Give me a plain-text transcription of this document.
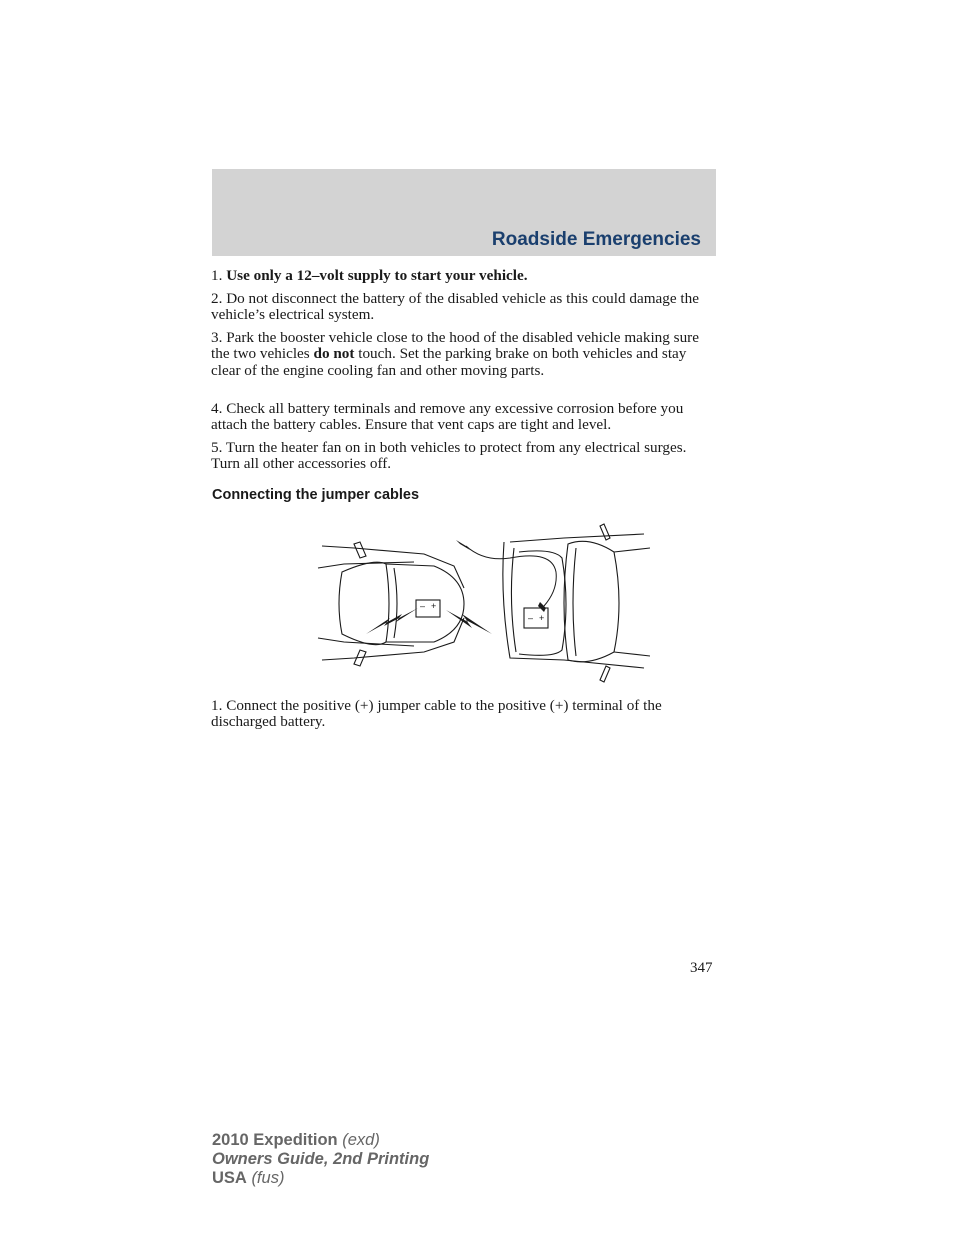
Roadside Emergencies

1. Use only a 12–volt supply to start your vehicle.

2. Do not disconnect the battery of the disabled vehicle as this could damage the vehicle’s electrical system.

3. Park the booster vehicle close to the hood of the disabled vehicle making sure the two vehicles do not touch. Set the parking brake on both vehicles and stay clear of the engine cooling fan and other moving parts.

4. Check all battery terminals and remove any excessive corrosion before you attach the battery cables. Ensure that vent caps are tight and level.

5. Turn the heater fan on in both vehicles to protect from any electrical surges. Turn all other accessories off.

Connecting the jumper cables
– +
– +

1. Connect the positive (+) jumper cable to the positive (+) terminal of the discharged battery.

347
2010 Expedition (exd)
Owners Guide, 2nd Printing
USA (fus)
